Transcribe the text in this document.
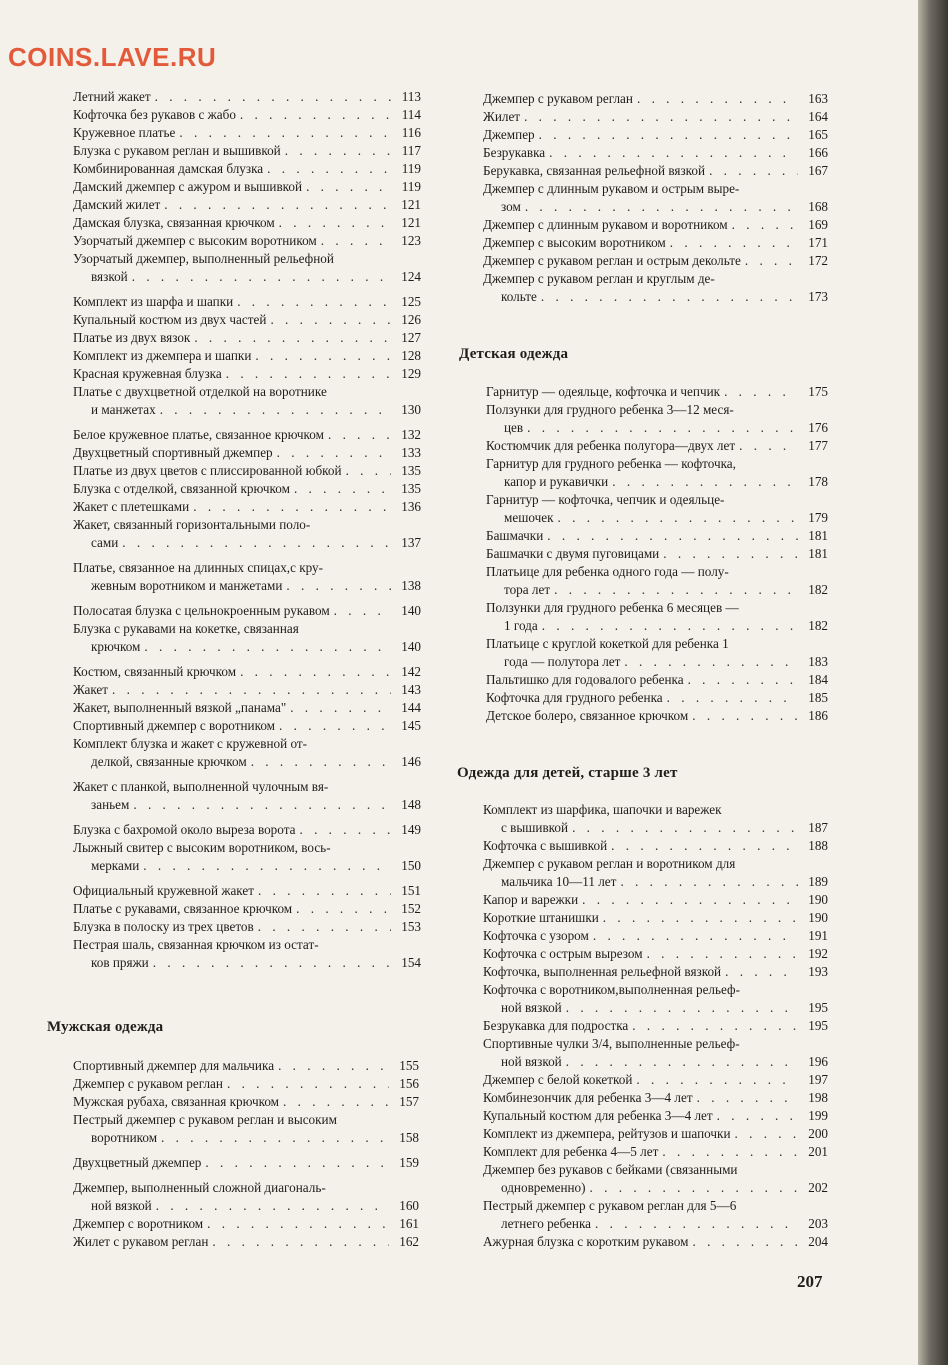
COINS.LAVE.RU
Летний жакет . . .	113
Кофточка без рукавов с жабо . . .	114
Кружевное платье . . .	116
Блузка с рукавом реглан и вышивкой . . .	117
Комбинированная дамская блузка . . .	119
Дамский джемпер с ажуром и вышивкой . . .	119
Дамский жилет . . .	121
Дамская блузка, связанная крючком . . .	121
Узорчатый джемпер с высоким воротником . . .	123
Узорчатый джемпер, выполненный рельефной
вязкой . . .	124
Комплект из шарфа и шапки . . .	125
Купальный костюм из двух частей . . .	126
Платье из двух вязок . . .	127
Комплект из джемпера и шапки . . .	128
Красная кружевная блузка . . .	129
Платье с двухцветной отделкой на воротнике
и манжетах . . .	130
Белое кружевное платье, связанное крючком . . .	132
Двухцветный спортивный джемпер . . .	133
Платье из двух цветов с плиссированной юбкой . . .	135
Блузка с отделкой, связанной крючком . . .	135
Жакет с плетешками . . .	136
Жакет, связанный горизонтальными поло-
сами . . .	137
Платье, связанное на длинных спицах,с кру-
жевным воротником и манжетами . . .	138
Полосатая блузка с цельнокроенным рукавом . . .	140
Блузка с рукавами на кокетке, связанная
крючком . . .	140
Костюм, связанный крючком . . .	142
Жакет . . .	143
Жакет, выполненный вязкой „панама" . . .	144
Спортивный джемпер с воротником . . .	145
Комплект блузка и жакет с кружевной от-
делкой, связанные крючком . . .	146
Жакет с планкой, выполненной чулочным вя-
заньем . . .	148
Блузка с бахромой около выреза ворота . . .	149
Лыжный свитер с высоким воротником, вось-
мерками . . .	150
Официальный кружевной жакет . . .	151
Платье с рукавами, связанное крючком . . .	152
Блузка в полоску из трех цветов . . .	153
Пестрая шаль, связанная крючком из остат-
ков пряжи . . .	154
Мужская одежда
Спортивный джемпер для мальчика . . .	155
Джемпер с рукавом реглан . . .	156
Мужская рубаха, связанная крючком . . .	157
Пестрый джемпер с рукавом реглан и высоким
воротником . . .	158
Двухцветный джемпер . . .	159
Джемпер, выполненный сложной диагональ-
ной вязкой . . .	160
Джемпер с воротником . . .	161
Жилет с рукавом реглан . . .	162
Джемпер с рукавом реглан . . .	163
Жилет . . .	164
Джемпер . . .	165
Безрукавка . . .	166
Берукавка, связанная рельефной вязкой . . .	167
Джемпер с длинным рукавом и острым выре-
зом . . .	168
Джемпер с длинным рукавом и воротником . . .	169
Джемпер с высоким воротником . . .	171
Джемпер с рукавом реглан и острым декольте . . .	172
Джемпер с рукавом реглан и круглым де-
кольте . . .	173
Детская одежда
Гарнитур — одеяльце, кофточка и чепчик . . .	175
Ползунки для грудного ребенка 3—12 меся-
цев . . .	176
Костюмчик для ребенка полугора—двух лет . . .	177
Гарнитур для грудного ребенка — кофточка,
капор и рукавички . . .	178
Гарнитур — кофточка, чепчик и одеяльце-
мешочек . . .	179
Башмачки . . .	181
Башмачки с двумя пуговицами . . .	181
Платьице для ребенка одного года — полу-
тора лет . . .	182
Ползунки для грудного ребенка 6 месяцев —
1 года . . .	182
Платьице с круглой кокеткой для ребенка 1
года — полутора лет . . .	183
Пальтишко для годовалого ребенка . . .	184
Кофточка для грудного ребенка . . .	185
Детское болеро, связанное крючком . . .	186
Одежда для детей, старше 3 лет
Комплект из шарфика, шапочки и варежек
с вышивкой . . .	187
Кофточка с вышивкой . . .	188
Джемпер с рукавом реглан и воротником для
мальчика 10—11 лет . . .	189
Капор и варежки . . .	190
Короткие штанишки . . .	190
Кофточка с узором . . .	191
Кофточка с острым вырезом . . .	192
Кофточка, выполненная рельефной вязкой . . .	193
Кофточка с воротником,выполненная рельеф-
ной вязкой . . .	195
Безрукавка для подростка . . .	195
Спортивные чулки 3/4, выполненные рельеф-
ной вязкой . . .	196
Джемпер с белой кокеткой . . .	197
Комбинезончик для ребенка 3—4 лет . . .	198
Купальный костюм для ребенка 3—4 лет . . .	199
Комплект из джемпера, рейтузов и шапочки . . .	200
Комплект для ребенка 4—5 лет . . .	201
Джемпер без рукавов с бейками (связанными
одновременно) . . .	202
Пестрый джемпер с рукавом реглан для 5—6
летнего ребенка . . .	203
Ажурная блузка с коротким рукавом . . .	204
207
